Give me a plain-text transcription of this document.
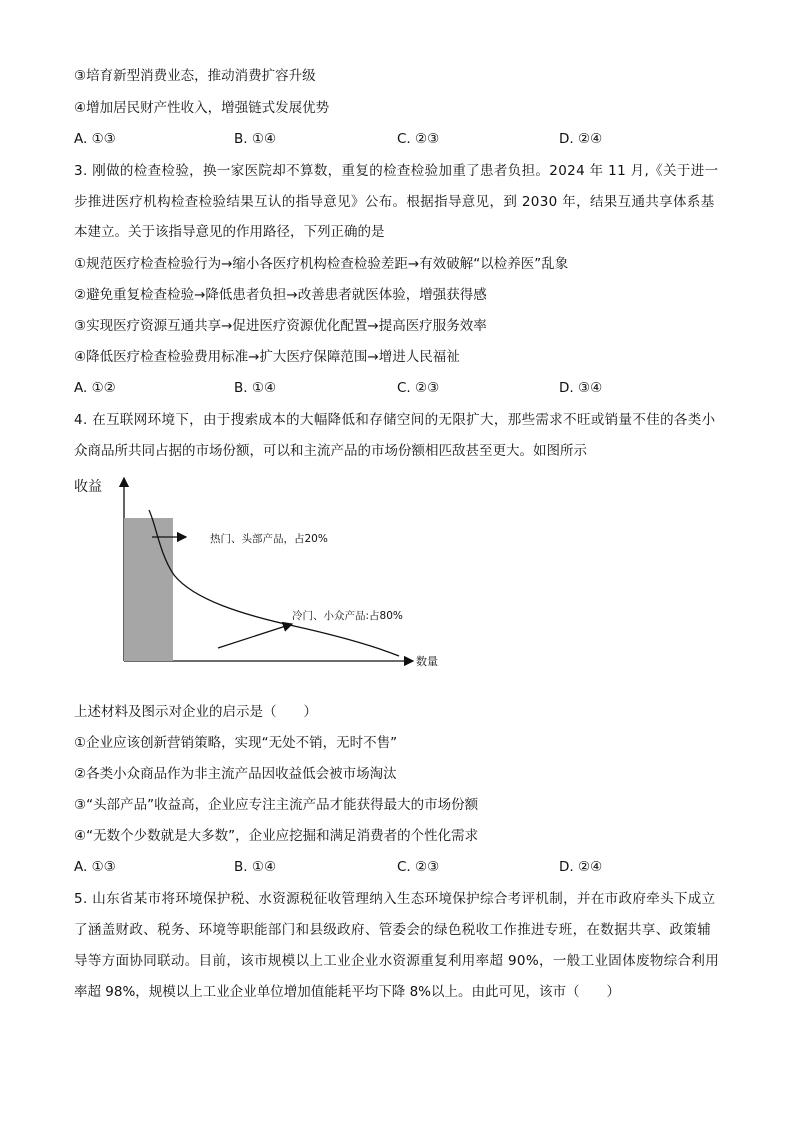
③培育新型消费业态，推动消费扩容升级
④增加居民财产性收入，增强链式发展优势
A. ①③	B. ①④	C. ②③	D. ②④
3. 刚做的检查检验，换一家医院却不算数，重复的检查检验加重了患者负担。2024 年 11 月,《关于进一
步推进医疗机构检查检验结果互认的指导意见》公布。根据指导意见，到 2030 年，结果互通共享体系基
本建立。关于该指导意见的作用路径，下列正确的是
①规范医疗检查检验行为→缩小各医疗机构检查检验差距→有效破解“以检养医”乱象
②避免重复检查检验→降低患者负担→改善患者就医体验，增强获得感
③实现医疗资源互通共享→促进医疗资源优化配置→提高医疗服务效率
④降低医疗检查检验费用标准→扩大医疗保障范围→增进人民福祉
A. ①②	B. ①④	C. ②③	D. ③④
4. 在互联网环境下，由于搜索成本的大幅降低和存储空间的无限扩大，那些需求不旺或销量不佳的各类小
众商品所共同占据的市场份额，可以和主流产品的市场份额相匹敌甚至更大。如图所示
收益
数量
热门、头部产品，占20%
冷门、小众产品:占80%
上述材料及图示对企业的启示是（　　）
①企业应该创新营销策略，实现“无处不销，无时不售”
②各类小众商品作为非主流产品因收益低会被市场淘汰
③“头部产品”收益高，企业应专注主流产品才能获得最大的市场份额
④“无数个少数就是大多数”，企业应挖掘和满足消费者的个性化需求
A. ①③	B. ①④	C. ②③	D. ②④
5. 山东省某市将环境保护税、水资源税征收管理纳入生态环境保护综合考评机制，并在市政府牵头下成立
了涵盖财政、税务、环境等职能部门和县级政府、管委会的绿色税收工作推进专班，在数据共享、政策辅
导等方面协同联动。目前，该市规模以上工业企业水资源重复利用率超 90%，一般工业固体废物综合利用
率超 98%，规模以上工业企业单位增加值能耗平均下降 8%以上。由此可见，该市（　　）
